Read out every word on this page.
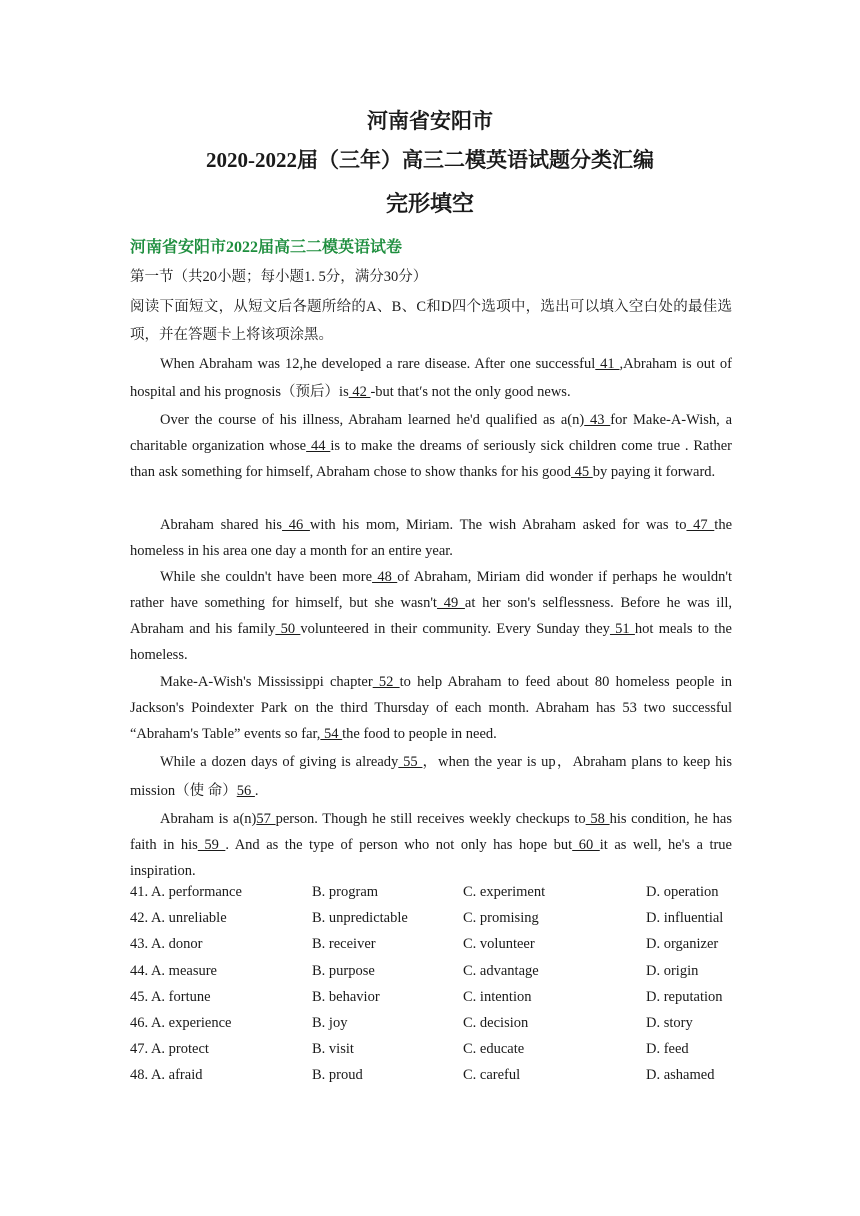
河南省安阳市
2020-2022届（三年）高三二模英语试题分类汇编
完形填空
河南省安阳市2022届高三二模英语试卷
第一节（共20小题；每小题1. 5分，满分30分）
阅读下面短文，从短文后各题所给的A、B、C和D四个选项中，选出可以填入空白处的最佳选项，并在答题卡上将该项涂黑。
When Abraham was 12,he developed a rare disease. After one successful 41 ,Abraham is out of hospital and his prognosis（预后）is 42 -but that′s not the only good news.
Over the course of his illness, Abraham learned he'd qualified as a(n) 43 for Make-A-Wish, a charitable organization whose 44 is to make the dreams of seriously sick children come true . Rather than ask something for himself, Abraham chose to show thanks for his good 45 by paying it forward.
Abraham shared his 46 with his mom, Miriam. The wish Abraham asked for was to 47 the homeless in his area one day a month for an entire year.
While she couldn't have been more 48 of Abraham, Miriam did wonder if perhaps he wouldn't rather have something for himself, but she wasn't 49 at her son's selflessness. Before he was ill, Abraham and his family 50 volunteered in their community. Every Sunday they 51 hot meals to the homeless.
Make-A-Wish's Mississippi chapter 52 to help Abraham to feed about 80 homeless people in Jackson's Poindexter Park on the third Thursday of each month. Abraham has 53 two successful “Abraham's Table” events so far, 54 the food to people in need.
While a dozen days of giving is already 55 ，when the year is up，Abraham plans to keep his mission（使 命）56 .
Abraham is a(n)57 person. Though he still receives weekly checkups to 58 his condition, he has faith in his 59 . And as the type of person who not only has hope but 60 it as well, he's a true inspiration.
41. A. performance	B. program	C. experiment	D. operation
42. A. unreliable	B. unpredictable	C. promising	D. influential
43. A. donor	B. receiver	C. volunteer	D. organizer
44. A. measure	B. purpose	C. advantage	D. origin
45. A. fortune	B. behavior	C. intention	D. reputation
46. A. experience	B. joy	C. decision	D. story
47. A. protect	B. visit	C. educate	D. feed
48. A. afraid	B. proud	C. careful	D. ashamed
